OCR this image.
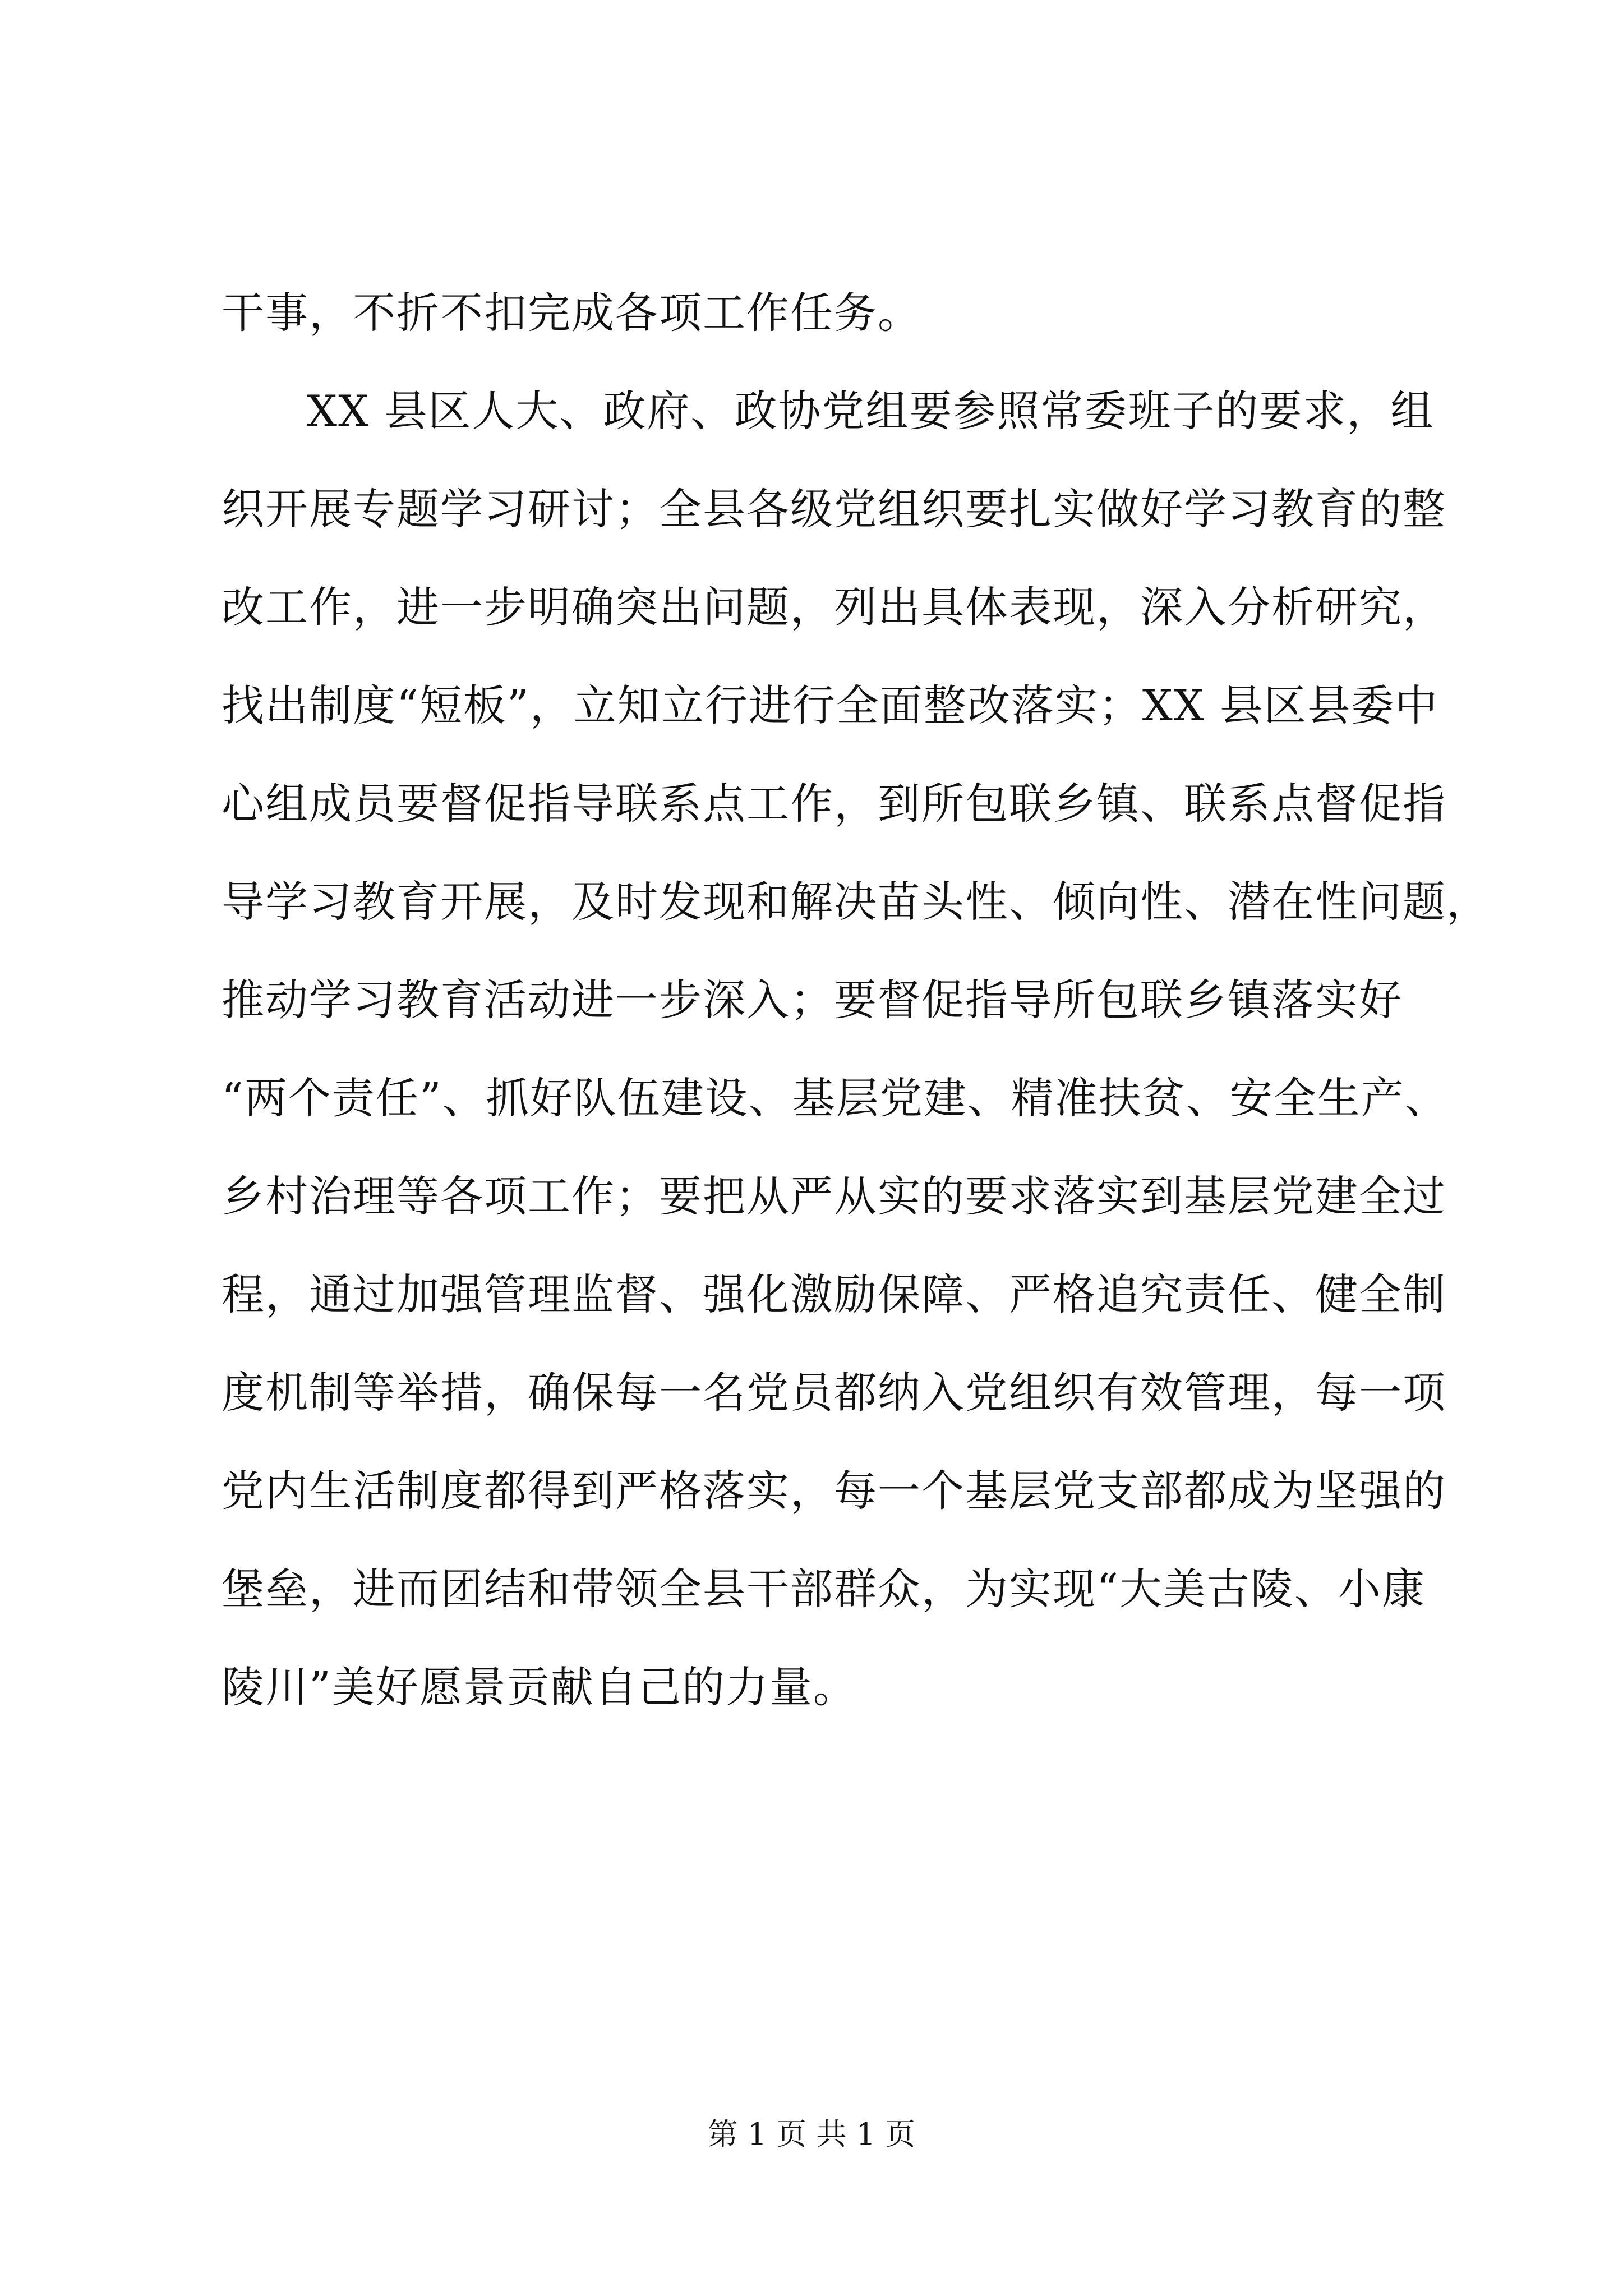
干事，不折不扣完成各项工作任务。
XX 县区人大、政府、政协党组要参照常委班子的要求，组
织开展专题学习研讨；全县各级党组织要扎实做好学习教育的整
改工作，进一步明确突出问题，列出具体表现，深入分析研究，
找出制度“短板”，立知立行进行全面整改落实；XX 县区县委中
心组成员要督促指导联系点工作，到所包联乡镇、联系点督促指
导学习教育开展，及时发现和解决苗头性、倾向性、潜在性问题，
推动学习教育活动进一步深入；要督促指导所包联乡镇落实好
“两个责任”、抓好队伍建设、基层党建、精准扶贫、安全生产、
乡村治理等各项工作；要把从严从实的要求落实到基层党建全过
程，通过加强管理监督、强化激励保障、严格追究责任、健全制
度机制等举措，确保每一名党员都纳入党组织有效管理，每一项
党内生活制度都得到严格落实，每一个基层党支部都成为坚强的
堡垒，进而团结和带领全县干部群众，为实现“大美古陵、小康
陵川”美好愿景贡献自己的力量。
第 1 页 共 1 页
